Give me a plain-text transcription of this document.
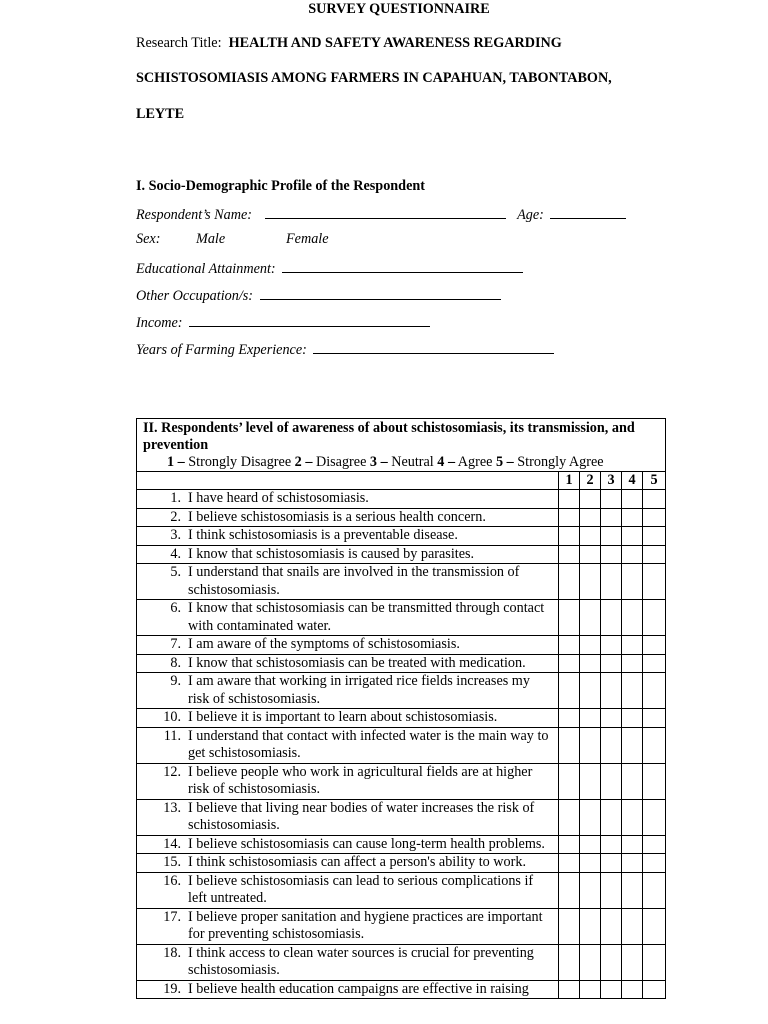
SURVEY QUESTIONNAIRE
Research Title: HEALTH AND SAFETY AWARENESS REGARDING
SCHISTOSOMIASIS AMONG FARMERS IN CAPAHUAN, TABONTABON,
LEYTE
I. Socio-Demographic Profile of the Respondent
Respondent’s Name:	Age:
Sex:	Male	Female
Educational Attainment:
Other Occupation/s:
Income:
Years of Farming Experience:
II. Respondents’ level of awareness of about schistosomiasis, its transmission, and prevention
1 – Strongly Disagree 2 – Disagree 3 – Neutral 4 – Agree 5 – Strongly Agree					

	1	2	3	4	5

1. I have heard of schistosomiasis.					

2. I believe schistosomiasis is a serious health concern.					

3. I think schistosomiasis is a preventable disease.					

4. I know that schistosomiasis is caused by parasites.					

5. I understand that snails are involved in the transmission of schistosomiasis.					

6. I know that schistosomiasis can be transmitted through contact with contaminated water.					

7. I am aware of the symptoms of schistosomiasis.					

8. I know that schistosomiasis can be treated with medication.					

9. I am aware that working in irrigated rice fields increases my risk of schistosomiasis.					

10. I believe it is important to learn about schistosomiasis.					

11. I understand that contact with infected water is the main way to get schistosomiasis.					

12. I believe people who work in agricultural fields are at higher risk of schistosomiasis.					

13. I believe that living near bodies of water increases the risk of schistosomiasis.					

14. I believe schistosomiasis can cause long-term health problems.					

15. I think schistosomiasis can affect a person's ability to work.					

16. I believe schistosomiasis can lead to serious complications if left untreated.					

17. I believe proper sanitation and hygiene practices are important for preventing schistosomiasis.					

18. I think access to clean water sources is crucial for preventing schistosomiasis.					

19. I believe health education campaigns are effective in raising					
